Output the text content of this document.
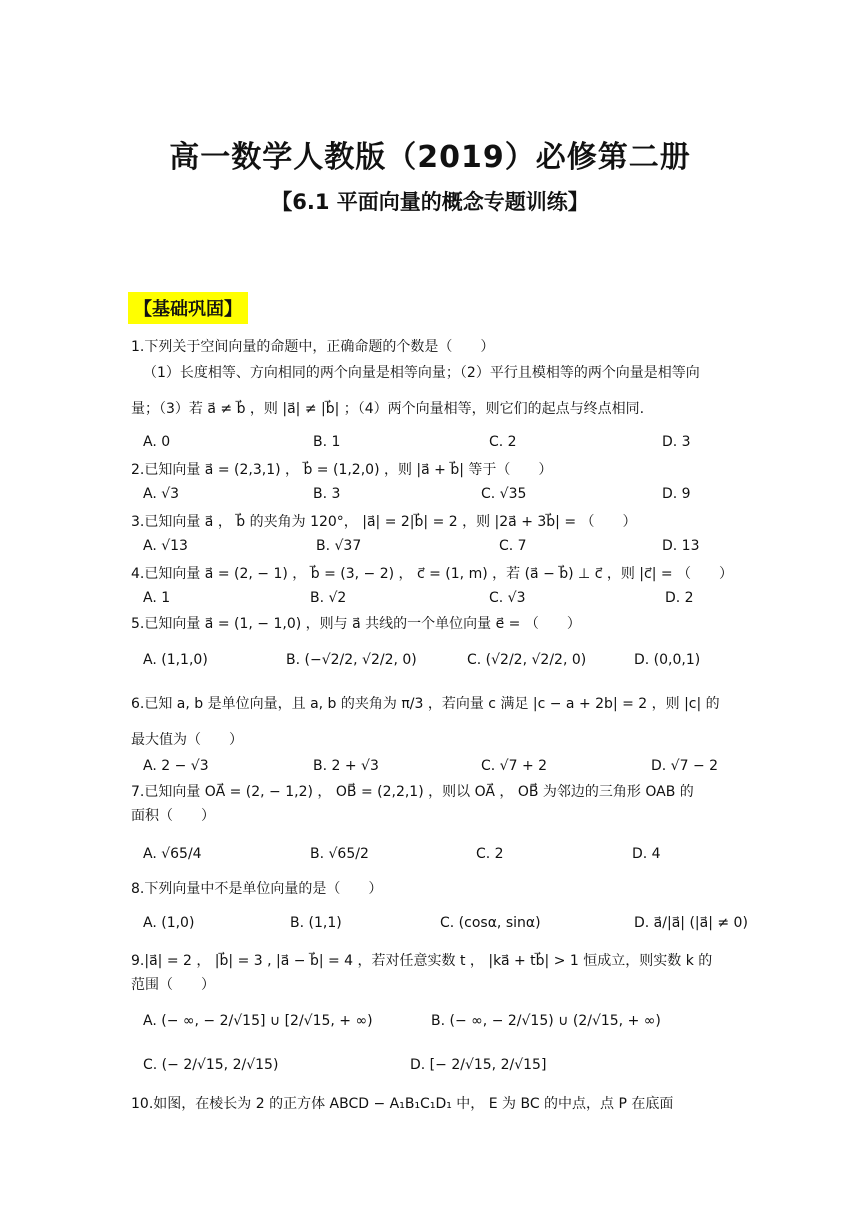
高一数学人教版（2019）必修第二册
【6.1 平面向量的概念专题训练】
【基础巩固】
1.下列关于空间向量的命题中，正确命题的个数是（　　）
（1）长度相等、方向相同的两个向量是相等向量；（2）平行且模相等的两个向量是相等向
量；（3）若 a⃗ ≠ b⃗ ，则 |a⃗| ≠ |b⃗| ；（4）两个向量相等，则它们的起点与终点相同.
A. 0	B. 1	C. 2	D. 3
2.已知向量 a⃗ = (2,3,1) ， b⃗ = (1,2,0) ，则 |a⃗ + b⃗| 等于（　　）
A. √3	B. 3	C. √35	D. 9
3.已知向量 a⃗ ， b⃗ 的夹角为 120°， |a⃗| = 2|b⃗| = 2 ，则 |2a⃗ + 3b⃗| = （　　）
A. √13	B. √37	C. 7	D. 13
4.已知向量 a⃗ = (2, − 1) ， b⃗ = (3, − 2) ， c⃗ = (1, m) ，若 (a⃗ − b⃗) ⊥ c⃗ ，则 |c⃗| = （　　）
A. 1	B. √2	C. √3	D. 2
5.已知向量 a⃗ = (1, − 1,0) ，则与 a⃗ 共线的一个单位向量 e⃗ = （　　）
A. (1,1,0)	B. (−√2/2, √2/2, 0)	C. (√2/2, √2/2, 0)	D. (0,0,1)
6.已知 a, b 是单位向量，且 a, b 的夹角为 π/3 ，若向量 c 满足 |c − a + 2b| = 2 ，则 |c| 的
最大值为（　　）
A. 2 − √3	B. 2 + √3	C. √7 + 2	D. √7 − 2
7.已知向量 OA⃗ = (2, − 1,2) ， OB⃗ = (2,2,1) ，则以 OA⃗ ， OB⃗ 为邻边的三角形 OAB 的
面积（　　）
A. √65/4	B. √65/2	C. 2	D. 4
8.下列向量中不是单位向量的是（　　）
A. (1,0)	B. (1,1)	C. (cosα, sinα)	D. a⃗/|a⃗| (|a⃗| ≠ 0)
9.|a⃗| = 2 ， |b⃗| = 3 , |a⃗ − b⃗| = 4 ，若对任意实数 t ， |ka⃗ + tb⃗| > 1 恒成立，则实数 k 的
范围（　　）
A. (− ∞, − 2/√15] ∪ [2/√15, + ∞)	B. (− ∞, − 2/√15) ∪ (2/√15, + ∞)
C. (− 2/√15, 2/√15)	D. [− 2/√15, 2/√15]
10.如图，在棱长为 2 的正方体 ABCD − A₁B₁C₁D₁ 中， E 为 BC 的中点，点 P 在底面
